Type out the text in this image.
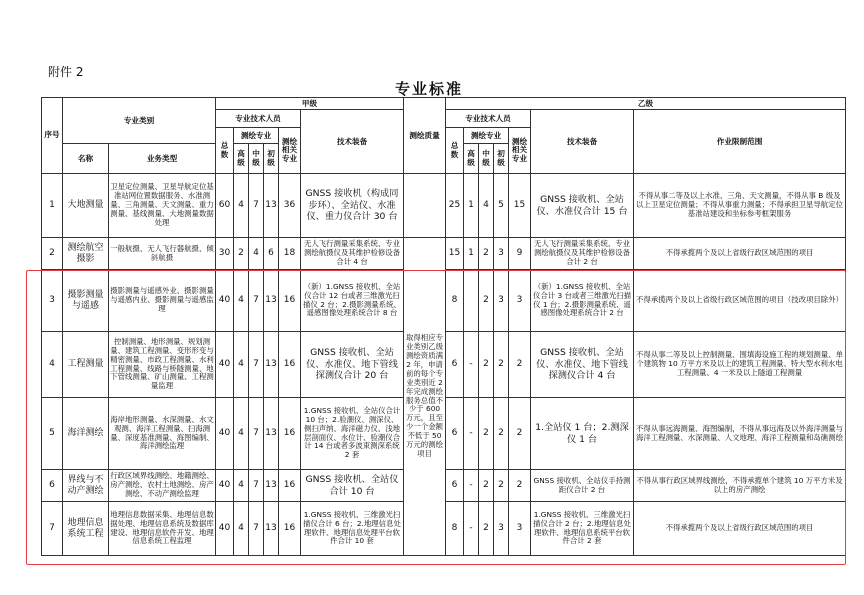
附件 2
专业标准
序号	专业类别		甲级						测绘质量	乙级						
			专业技术人员					技术装备		专业技术人员					技术装备	作业限制范围
			总数	测绘专业			测绘相关专业			总数	测绘专业			测绘相关专业		
	名称	业务类型		高级	中级	初级					高级	中级	初级			
1	大地测量	卫星定位测量、卫星导航定位基准站网位置数据服务、水准测量、三角测量、天文测量、重力测量、基线测量、大地测量数据处理	60	4	7	13	36	GNSS 接收机（构成同步环）、全站仪、水准仪、重力仪合计 30 台		25	1	4	5	15	GNSS 接收机、全站仪、水准仪合计 15 台	不得从事二等及以上水准、三角、天文测量，不得从事 B 级及以上卫星定位测量；不得从事重力测量；不得承担卫星导航定位基准站建设和坐标参考框架服务
2	测绘航空摄影	一般航摄、无人飞行器航摄、倾斜航摄	30	2	4	6	18	无人飞行测量采集系统、专业测绘航摄仪及其维护检修设备合计 4 台	取得相应专业类别乙级测绘资质满 2 年，申请前的每个专业类别近 2 年完成测绘服务总值不少于 600 万元，且至少一个金额不低于 50 万元的测绘项目	15	1	2	3	9	无人飞行测量采集系统、专业测绘航摄仪及其维护检修设备合计 2 台	不得承揽两个及以上省级行政区域范围的项目
3	摄影测量与遥感	摄影测量与遥感外业、摄影测量与遥感内业、摄影测量与遥感监理	40	4	7	13	16	（新）1.GNSS 接收机、全站仪合计 12 台或者三维激光扫描仪 2 台；2.摄影测量系统、遥感图像处理系统合计 8 台		8		2	3	3	（新）1.GNSS 接收机、全站仪合计 3 台或者三维激光扫描仪 1 台；2.摄影测量系统、遥感图像处理系统合计 2 台	不得承揽两个及以上省级行政区域范围的项目（技改项目除外）
4	工程测量	控制测量、地形测量、规划测量、建筑工程测量、变形形变与精密测量、市政工程测量、水利工程测量、线路与桥隧测量、地下管线测量、矿山测量、工程测量监理	40	4	7	13	16	GNSS 接收机、全站仪、水准仪、地下管线探测仪合计 20 台		6	-	2	2	2	GNSS 接收机、全站仪、水准仪、地下管线探测仪合计 4 台	不得从事二等及以上控制测量、围填海设施工程的规划测量、单个建筑物 10 万平方米及以上的建筑工程测量、特大型水利水电工程测量、4 一米及以上隧道工程测量
5	海洋测绘	海岸地形测量、水深测量、水文观测、海洋工程测量、扫海测量、深度基准测量、海图编制、海洋测绘监理	40	4	7	13	16	1.GNSS 接收机、全站仪合计 10 台；2.验潮仪、测深仪、侧扫声纳、海洋磁力仪、浅地层剖面仪、水位计、验潮仪合计 14 台或者多波束测深系统 2 套		6	-	2	2	2	1.全站仪 1 台；2.测深仪 1 台	不得从事远海测量、海图编制，不得从事远海及以外海洋测量与海洋工程测量、水深测量、人文地理、海洋工程测量和岛礁测绘
6	界线与不动产测绘	行政区域界线测绘、地籍测绘、房产测绘、农村土地测绘、房产测绘、不动产测绘监理	40	4	7	13	16	GNSS 接收机、全站仪合计 10 台		6	-	2	2	2	GNSS 接收机、全站仪手持测距仪合计 2 台	不得从事行政区域界线测绘，不得承揽单个建筑 10 万平方米及以上的房产测绘
7	地理信息系统工程	地理信息数据采集、地理信息数据处理、地理信息系统及数据库建设、地理信息软件开发、地理信息系统工程监理	40	4	7	13	16	1.GNSS 接收机、三维激光扫描仪合计 6 台；2.地理信息处理软件、地理信息处理平台软件合计 10 套		8	-	2	3	3	1.GNSS 接收机、三维激光扫描仪合计 2 台；2.地理信息处理软件、地理信息系统平台软件合计 2 套	不得承揽两个及以上省级行政区域范围的项目
